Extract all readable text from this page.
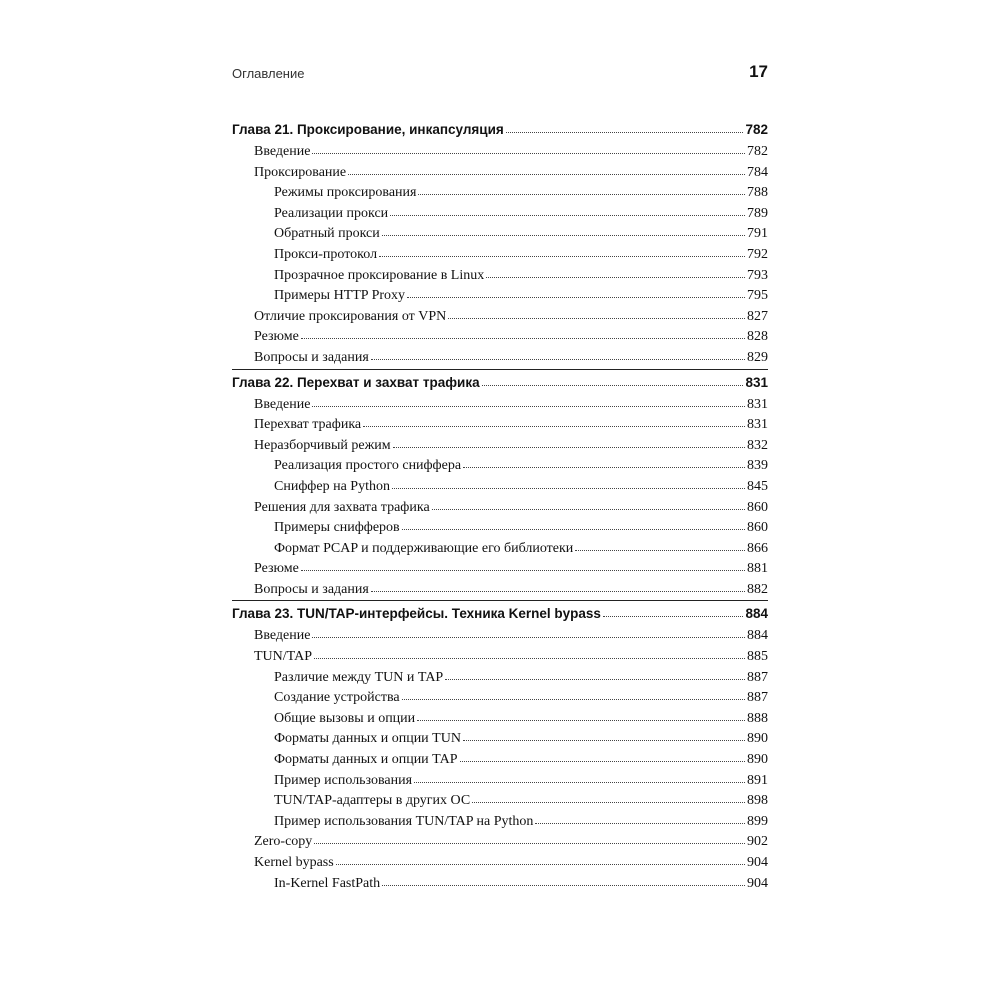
Оглавление	17
Глава 21. Проксирование, инкапсуляция	782
Введение	782
Проксирование	784
Режимы проксирования	788
Реализации прокси	789
Обратный прокси	791
Прокси-протокол	792
Прозрачное проксирование в Linux	793
Примеры HTTP Proxy	795
Отличие проксирования от VPN	827
Резюме	828
Вопросы и задания	829
Глава 22. Перехват и захват трафика	831
Введение	831
Перехват трафика	831
Неразборчивый режим	832
Реализация простого сниффера	839
Сниффер на Python	845
Решения для захвата трафика	860
Примеры снифферов	860
Формат PCAP и поддерживающие его библиотеки	866
Резюме	881
Вопросы и задания	882
Глава 23. TUN/TAP-интерфейсы. Техника Kernel bypass	884
Введение	884
TUN/TAP	885
Различие между TUN и TAP	887
Создание устройства	887
Общие вызовы и опции	888
Форматы данных и опции TUN	890
Форматы данных и опции TAP	890
Пример использования	891
TUN/TAP-адаптеры в других ОС	898
Пример использования TUN/TAP на Python	899
Zero-copy	902
Kernel bypass	904
In-Kernel FastPath	904
